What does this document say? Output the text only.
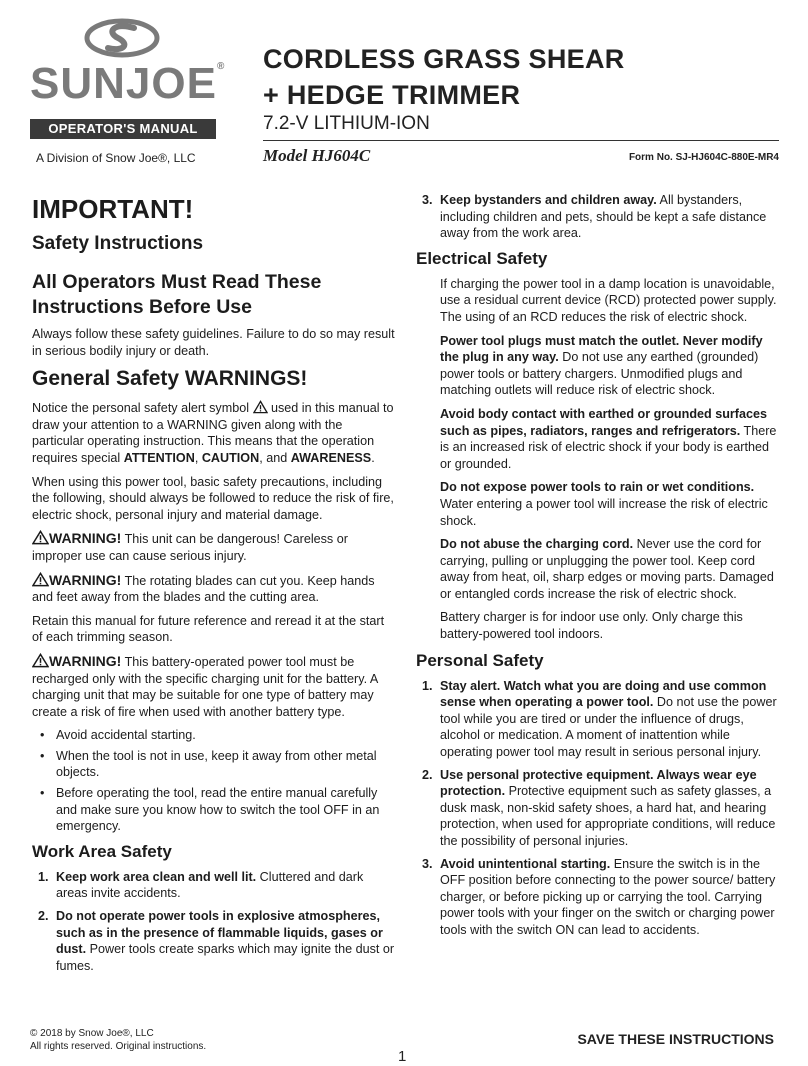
SUNJOE®
OPERATOR'S MANUAL
A Division of Snow Joe®, LLC
CORDLESS GRASS SHEAR
+ HEDGE TRIMMER
7.2-V LITHIUM-ION
Model HJ604C	Form No. SJ-HJ604C-880E-MR4
IMPORTANT!
Safety Instructions
All Operators Must Read These Instructions Before Use

Always follow these safety guidelines. Failure to do so may result in serious bodily injury or death.

General Safety WARNINGS!

Notice the personal safety alert symbol used in this manual to draw your attention to a WARNING given along with the particular operating instruction. This means that the operation requires special ATTENTION, CAUTION, and AWARENESS.

When using this power tool, basic safety precautions, including the following, should always be followed to reduce the risk of fire, electric shock, personal injury and material damage.

WARNING! This unit can be dangerous! Careless or improper use can cause serious injury.

WARNING! The rotating blades can cut you. Keep hands and feet away from the blades and the cutting area.

Retain this manual for future reference and reread it at the start of each trimming season.

WARNING! This battery-operated power tool must be recharged only with the specific charging unit for the battery. A charging unit that may be suitable for one type of battery may create a risk of fire when used with another battery type.

• Avoid accidental starting.
• When the tool is not in use, keep it away from other metal objects.
• Before operating the tool, read the entire manual carefully and make sure you know how to switch the tool OFF in an emergency.
Work Area Safety
1. Keep work area clean and well lit. Cluttered and dark areas invite accidents.
2. Do not operate power tools in explosive atmospheres, such as in the presence of flammable liquids, gases or dust. Power tools create sparks which may ignite the dust or fumes.
3. Keep bystanders and children away. All bystanders, including children and pets, should be kept a safe distance away from the work area.
Electrical Safety

If charging the power tool in a damp location is unavoidable, use a residual current device (RCD) protected power supply. The using of an RCD reduces the risk of electric shock.

Power tool plugs must match the outlet. Never modify the plug in any way. Do not use any earthed (grounded) power tools or battery chargers. Unmodified plugs and matching outlets will reduce risk of electric shock.

Avoid body contact with earthed or grounded surfaces such as pipes, radiators, ranges and refrigerators. There is an increased risk of electric shock if your body is earthed or grounded.

Do not expose power tools to rain or wet conditions. Water entering a power tool will increase the risk of electric shock.

Do not abuse the charging cord. Never use the cord for carrying, pulling or unplugging the power tool. Keep cord away from heat, oil, sharp edges or moving parts. Damaged or entangled cords increase the risk of electric shock.

Battery charger is for indoor use only. Only charge this battery-powered tool indoors.

Personal Safety
1. Stay alert. Watch what you are doing and use common sense when operating a power tool. Do not use the power tool while you are tired or under the influence of drugs, alcohol or medication. A moment of inattention while operating power tool may result in serious personal injury.
2. Use personal protective equipment. Always wear eye protection. Protective equipment such as safety glasses, a dusk mask, non-skid safety shoes, a hard hat, and hearing protection, when used for appropriate conditions, will reduce the possibility of personal injuries.
3. Avoid unintentional starting. Ensure the switch is in the OFF position before connecting to the power source/ battery charger, or before picking up or carrying the tool. Carrying power tools with your finger on the switch or charging power tools with the switch ON can lead to accidents.
© 2018 by Snow Joe®, LLC
All rights reserved. Original instructions.	SAVE THESE INSTRUCTIONS
1
